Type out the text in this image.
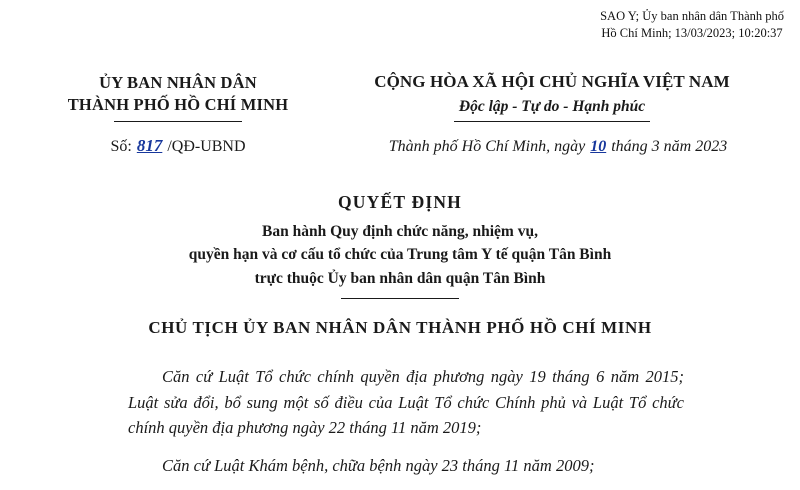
SAO Y; Ủy ban nhân dân Thành phố
Hồ Chí Minh; 13/03/2023; 10:20:37
ỦY BAN NHÂN DÂN
THÀNH PHỐ HỒ CHÍ MINH
CỘNG HÒA XÃ HỘI CHỦ NGHĨA VIỆT NAM
Độc lập - Tự do - Hạnh phúc
Số: 817 /QĐ-UBND	Thành phố Hồ Chí Minh, ngày 10 tháng 3 năm 2023
QUYẾT ĐỊNH
Ban hành Quy định chức năng, nhiệm vụ,
quyền hạn và cơ cấu tổ chức của Trung tâm Y tế quận Tân Bình
trực thuộc Ủy ban nhân dân quận Tân Bình
CHỦ TỊCH ỦY BAN NHÂN DÂN THÀNH PHỐ HỒ CHÍ MINH

Căn cứ Luật Tổ chức chính quyền địa phương ngày 19 tháng 6 năm 2015; Luật sửa đổi, bổ sung một số điều của Luật Tổ chức Chính phủ và Luật Tổ chức chính quyền địa phương ngày 22 tháng 11 năm 2019;

Căn cứ Luật Khám bệnh, chữa bệnh ngày 23 tháng 11 năm 2009;
